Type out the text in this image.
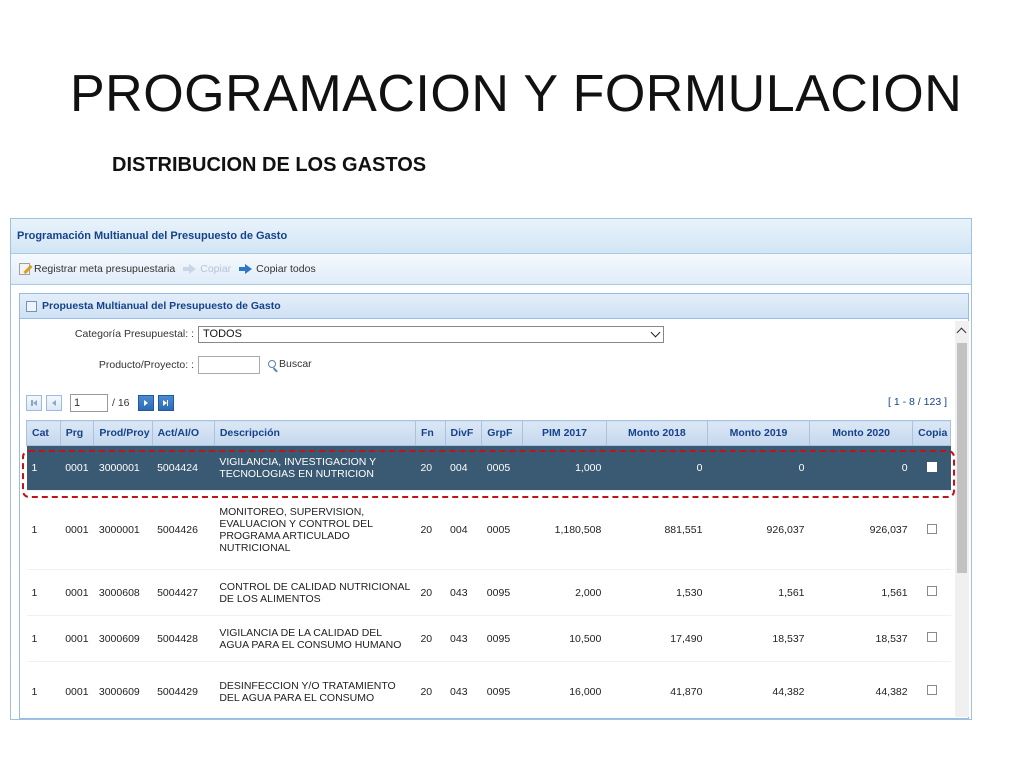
PROGRAMACION Y FORMULACION
DISTRIBUCION DE LOS GASTOS
Programación Multianual del Presupuesto de Gasto
Registrar meta presupuestaria Copiar Copiar todos
Propuesta Multianual del Presupuesto de Gasto
Categoría Presupuestal: : TODOS
Producto/Proyecto: :	Buscar
1	/ 16	[ 1 - 8 / 123 ]
Cat	Prg	Prod/Proy	Act/AI/O	Descripción	Fn	DivF	GrpF	PIM 2017	Monto 2018	Monto 2019	Monto 2020	Copia
1	0001	3000001	5004424	VIGILANCIA, INVESTIGACION Y TECNOLOGIAS EN NUTRICION	20	004	0005	1,000	0	0	0	
1	0001	3000001	5004426	MONITOREO, SUPERVISION, EVALUACION Y CONTROL DEL PROGRAMA ARTICULADO NUTRICIONAL	20	004	0005	1,180,508	881,551	926,037	926,037	
1	0001	3000608	5004427	CONTROL DE CALIDAD NUTRICIONAL DE LOS ALIMENTOS	20	043	0095	2,000	1,530	1,561	1,561	
1	0001	3000609	5004428	VIGILANCIA DE LA CALIDAD DEL AGUA PARA EL CONSUMO HUMANO	20	043	0095	10,500	17,490	18,537	18,537	
1	0001	3000609	5004429	DESINFECCION Y/O TRATAMIENTO DEL AGUA PARA EL CONSUMO	20	043	0095	16,000	41,870	44,382	44,382	
